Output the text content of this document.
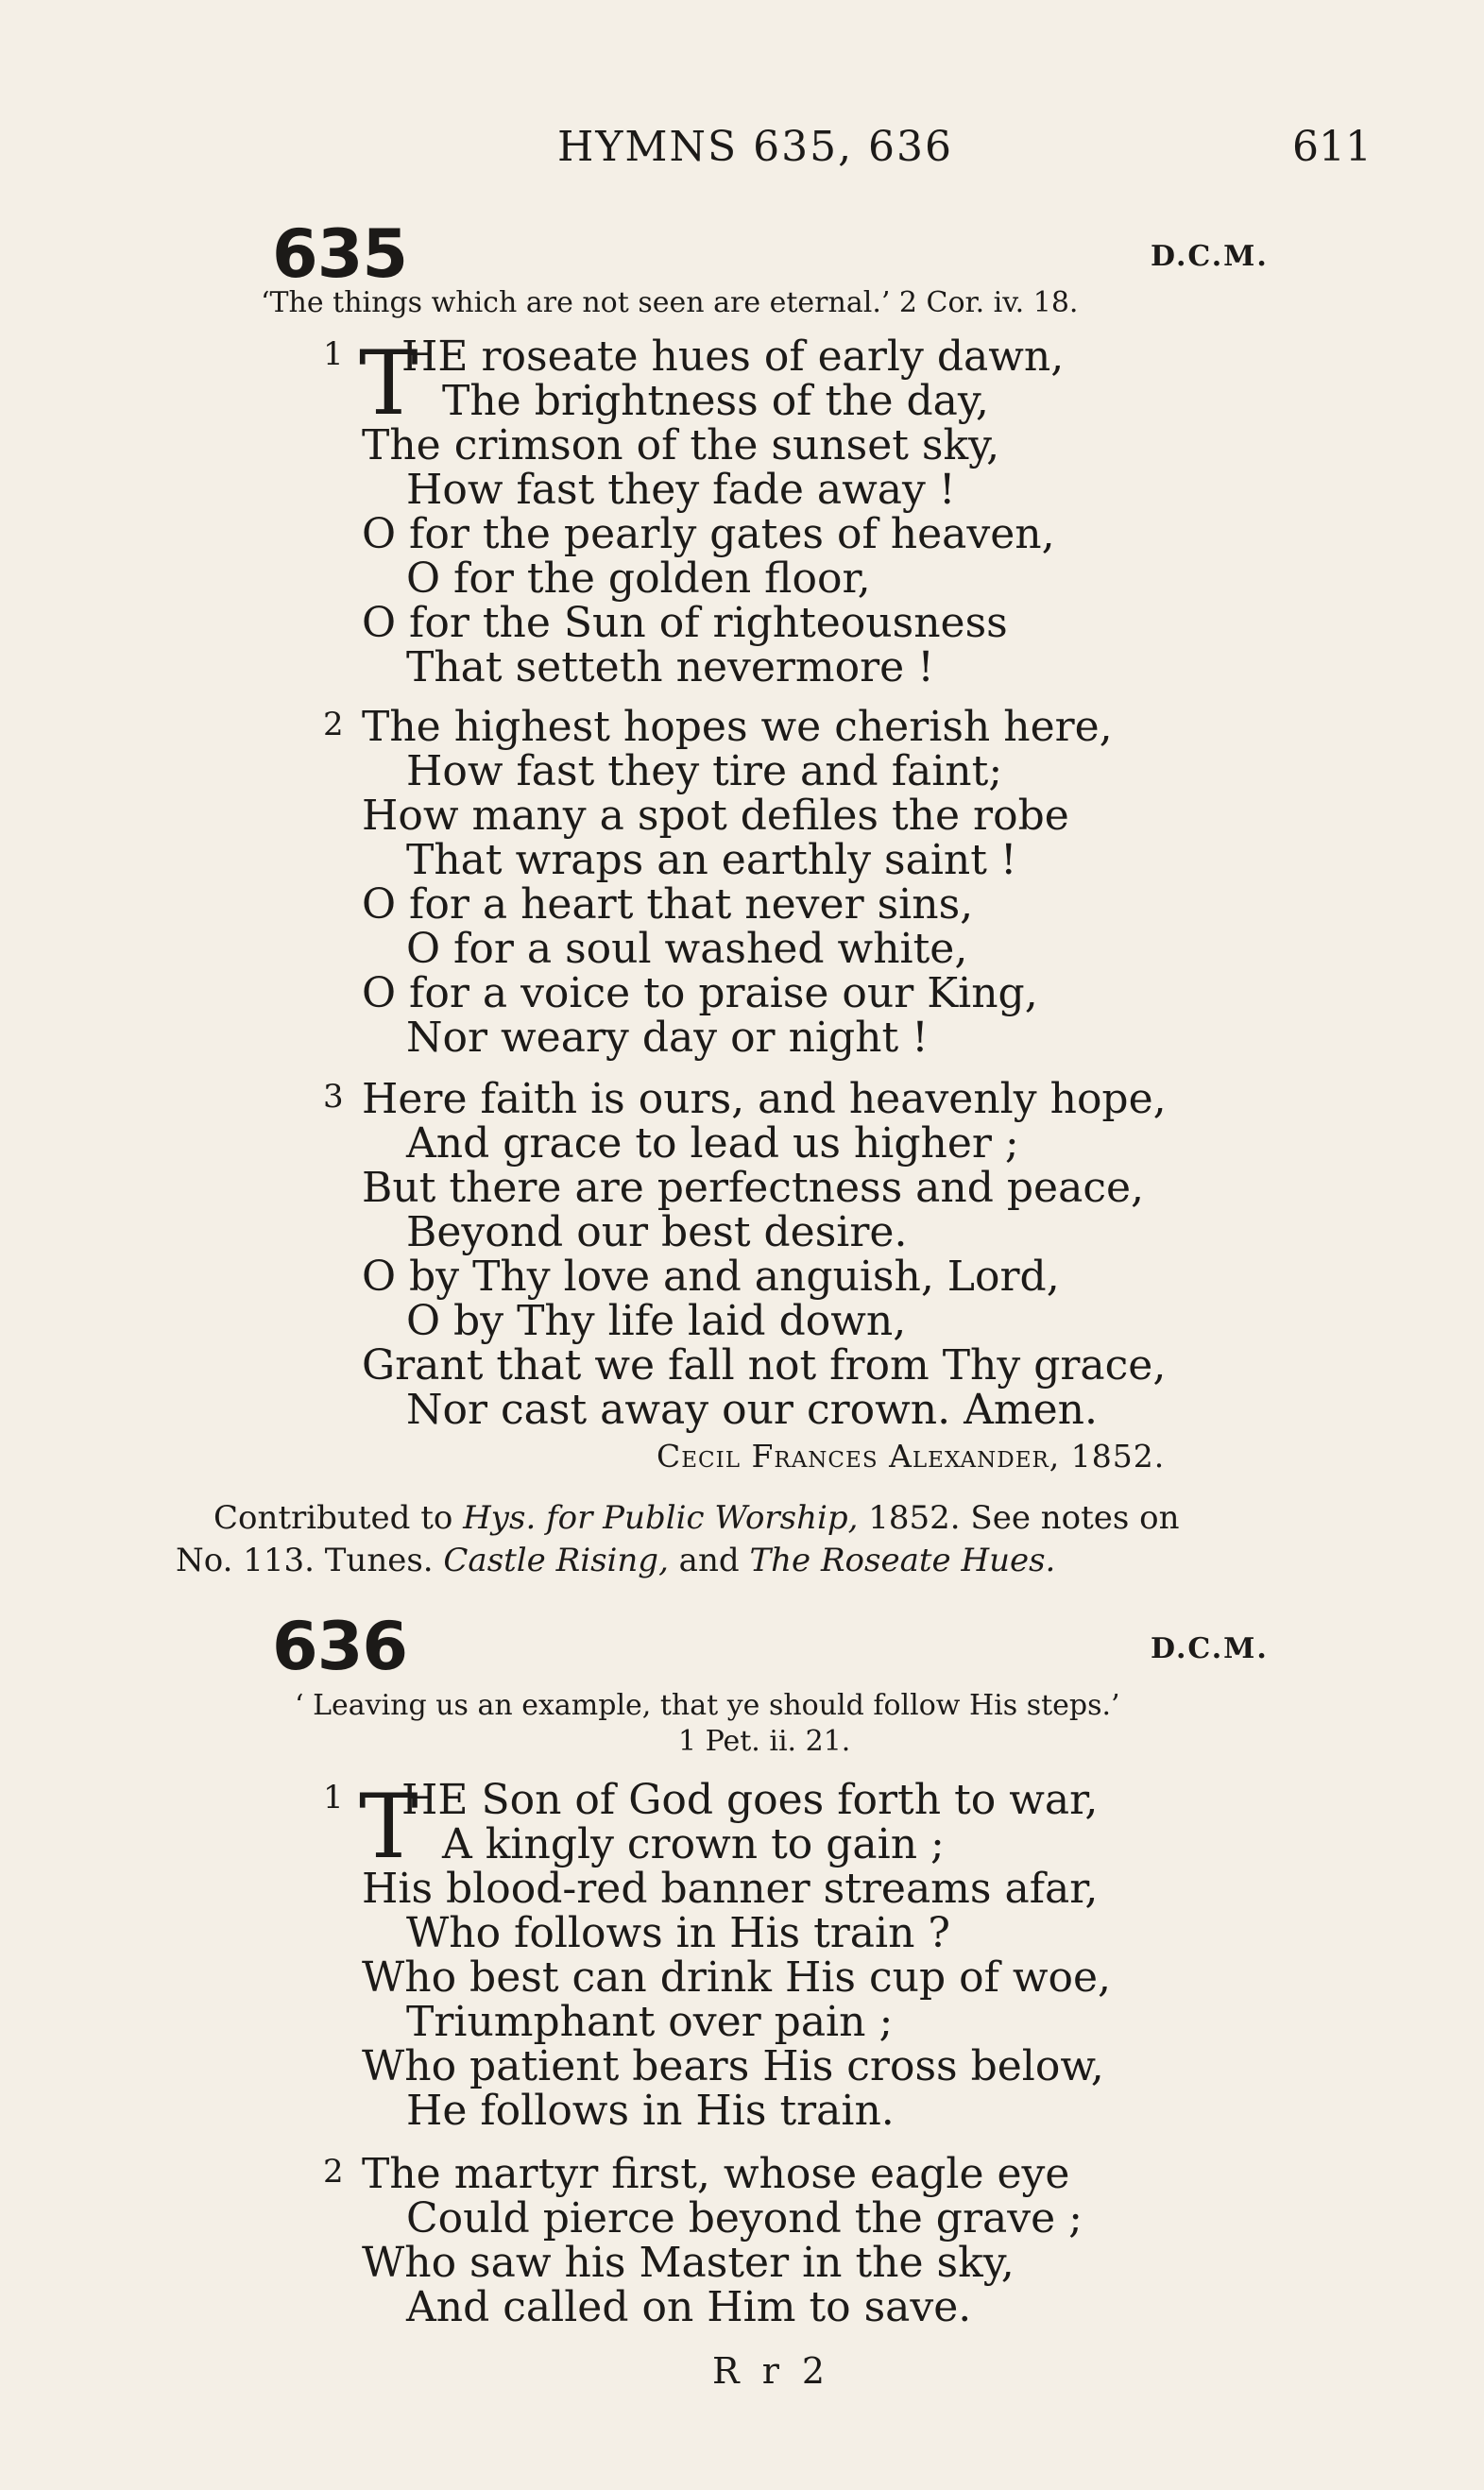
HYMNS 635, 636	611
635	D.C.M.
‘The things which are not seen are eternal.’ 2 Cor. iv. 18.
1 T
HE roseate hues of early dawn,
The brightness of the day,
The crimson of the sunset sky,
How fast they fade away !
O for the pearly gates of heaven,
O for the golden floor,
O for the Sun of righteousness
That setteth nevermore !
2 The highest hopes we cherish here,
How fast they tire and faint;
How many a spot defiles the robe
That wraps an earthly saint !
O for a heart that never sins,
O for a soul washed white,
O for a voice to praise our King,
Nor weary day or night !
3 Here faith is ours, and heavenly hope,
And grace to lead us higher ;
But there are perfectness and peace,
Beyond our best desire.
O by Thy love and anguish, Lord,
O by Thy life laid down,
Grant that we fall not from Thy grace,
Nor cast away our crown. Amen.
Cecil Frances Alexander, 1852.
Contributed to Hys. for Public Worship, 1852. See notes on
No. 113. Tunes. Castle Rising, and The Roseate Hues.
636	D.C.M.
‘ Leaving us an example, that ye should follow His steps.’
1 Pet. ii. 21.
1 T
HE Son of God goes forth to war,
A kingly crown to gain ;
His blood-red banner streams afar,
Who follows in His train ?
Who best can drink His cup of woe,
Triumphant over pain ;
Who patient bears His cross below,
He follows in His train.
2 The martyr first, whose eagle eye
Could pierce beyond the grave ;
Who saw his Master in the sky,
And called on Him to save.
R r 2
